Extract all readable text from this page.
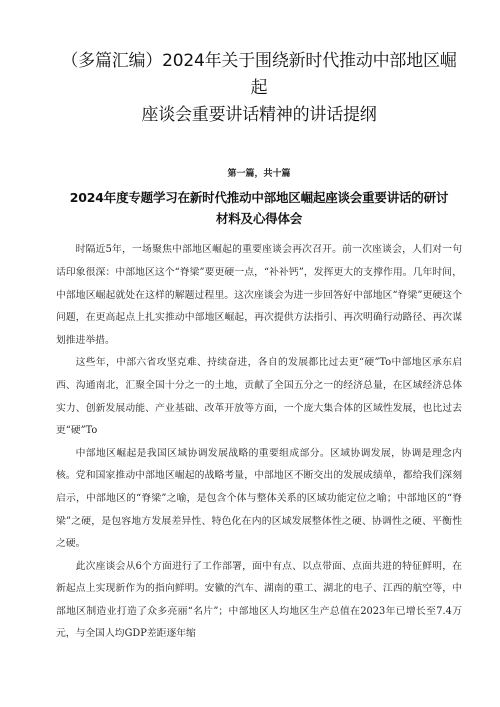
（多篇汇编）2024年关于围绕新时代推动中部地区崛起
座谈会重要讲话精神的讲话提纲
第一篇，共十篇
2024年度专题学习在新时代推动中部地区崛起座谈会重要讲话的研讨
材料及心得体会

时隔近5年，一场聚焦中部地区崛起的重要座谈会再次召开。前一次座谈会，人们对一句话印象很深：中部地区这个“脊梁”要更硬一点，“补补钙”，发挥更大的支撑作用。几年时间，中部地区崛起就处在这样的解题过程里。这次座谈会为进一步回答好中部地区“脊梁”更硬这个问题，在更高起点上扎实推动中部地区崛起，再次提供方法指引、再次明确行动路径、再次谋划推进举措。

这些年，中部六省攻坚克难、持续奋进，各自的发展都比过去更“硬”To中部地区承东启西、沟通南北，汇聚全国十分之一的土地，贡献了全国五分之一的经济总量，在区域经济总体实力、创新发展动能、产业基础、改革开放等方面，一个庞大集合体的区域性发展，也比过去更“硬”To

中部地区崛起是我国区域协调发展战略的重要组成部分。区域协调发展，协调是理念内核。党和国家推动中部地区崛起的战略考量，中部地区不断交出的发展成绩单，都给我们深刻启示，中部地区的“脊梁”之喻，是包含个体与整体关系的区域功能定位之喻；中部地区的“脊梁”之硬，是包容地方发展差异性、特色化在内的区域发展整体性之硬、协调性之硬、平衡性之硬。

此次座谈会从6个方面进行了工作部署，面中有点、以点带面、点面共进的特征鲜明，在新起点上实现新作为的指向鲜明。安徽的汽车、湖南的重工、湖北的电子、江西的航空等，中部地区制造业打造了众多亮丽“名片”；中部地区人均地区生产总值在2023年已增长至7.4万元，与全国人均GDP差距逐年缩
